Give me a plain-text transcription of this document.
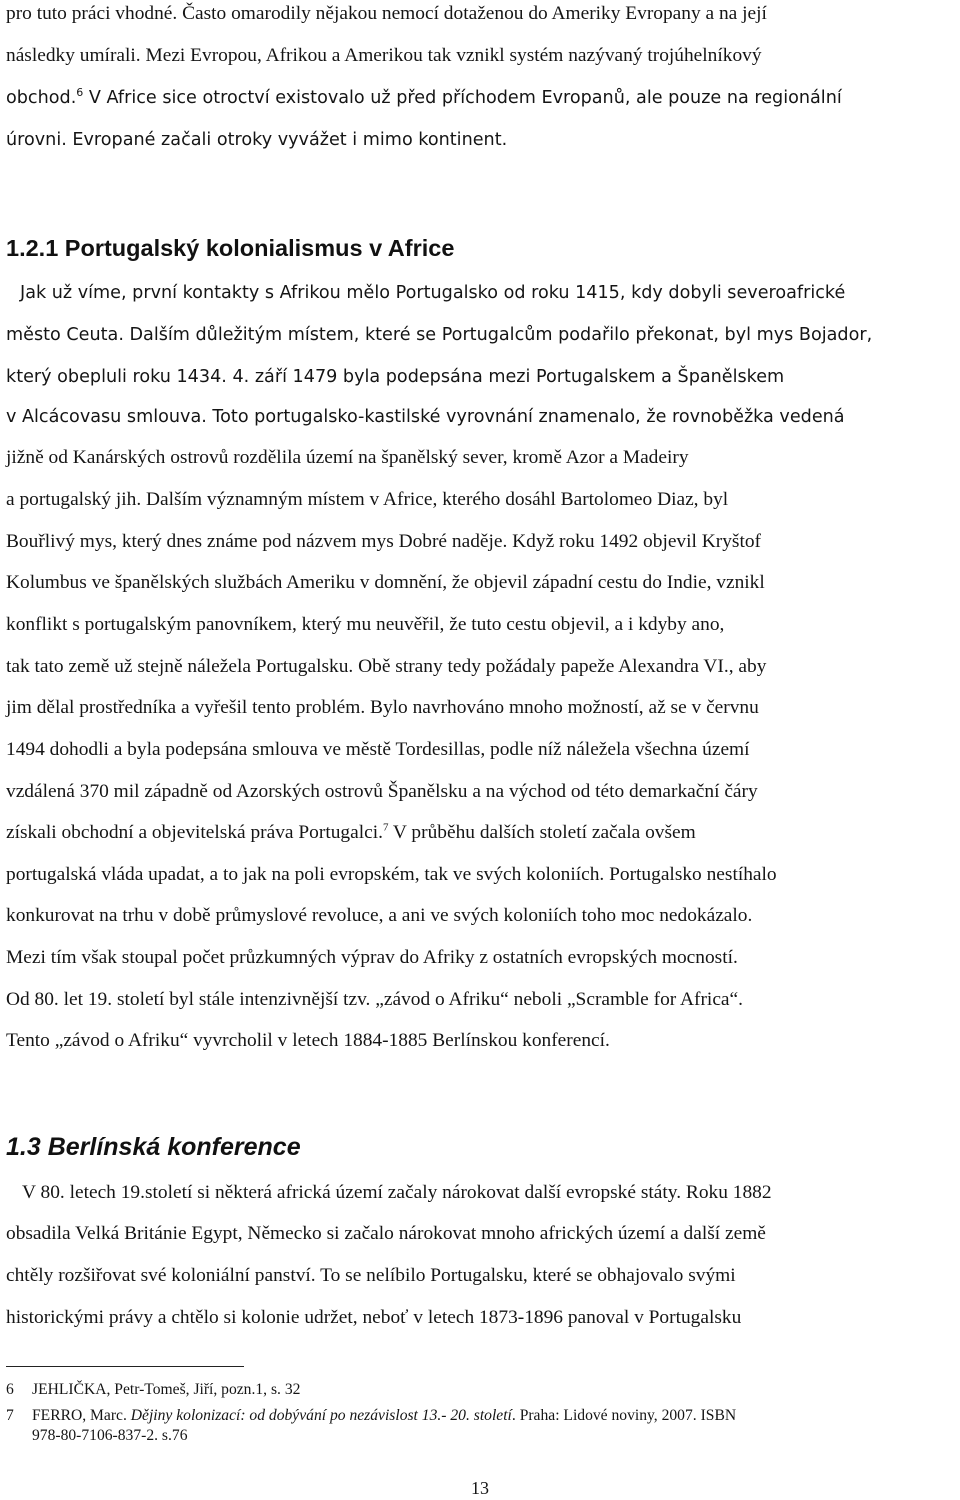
pro tuto práci vhodné. Často omarodily nějakou nemocí dotaženou do Ameriky Evropany a na její
následky umírali. Mezi Evropou, Afrikou a Amerikou tak vznikl systém nazývaný trojúhelníkový
obchod.$^6$ V Africe sice otroctví existovalo už před příchodem Evropanů, ale pouze na regionální
úrovni. Evropané začali otroky vyvážet i mimo kontinent.
1.2.1 Portugalský kolonialismus v Africe
Jak už víme, první kontakty s Afrikou mělo Portugalsko od roku 1415, kdy dobyli severoafrické
město Ceuta. Dalším důležitým místem, které se Portugalcům podařilo překonat, byl mys Bojador,
který obepluli roku 1434. 4. září 1479 byla podepsána mezi Portugalskem a Španělskem
v Alcácovasu smlouva. Toto portugalsko-kastilské vyrovnání znamenalo, že rovnoběžka vedená
jižně od Kanárských ostrovů rozdělila území na španělský sever, kromě Azor a Madeiry
a portugalský jih. Dalším významným místem v Africe, kterého dosáhl Bartolomeo Diaz, byl
Bouřlivý mys, který dnes známe pod názvem mys Dobré naděje. Když roku 1492 objevil Kryštof
Kolumbus ve španělských službách Ameriku v domnění, že objevil západní cestu do Indie, vznikl
konflikt s portugalským panovníkem, který mu neuvěřil, že tuto cestu objevil, a i kdyby ano,
tak tato země už stejně náležela Portugalsku. Obě strany tedy požádaly papeže Alexandra VI., aby
jim dělal prostředníka a vyřešil tento problém. Bylo navrhováno mnoho možností, až se v červnu
1494 dohodli a byla podepsána smlouva ve městě Tordesillas, podle níž náležela všechna území
vzdálená 370 mil západně od Azorských ostrovů Španělsku a na východ od této demarkační čáry
získali obchodní a objevitelská práva Portugalci.$^7$ V průběhu dalších století začala ovšem
portugalská vláda upadat, a to jak na poli evropském, tak ve svých koloniích. Portugalsko nestíhalo
konkurovat na trhu v době průmyslové revoluce, a ani ve svých koloniích toho moc nedokázalo.
Mezi tím však stoupal počet průzkumných výprav do Afriky z ostatních evropských mocností.
Od 80. let 19. století byl stále intenzivnější tzv. „závod o Afriku“ neboli „Scramble for Africa“.
Tento „závod o Afriku“ vyvrcholil v letech 1884-1885 Berlínskou konferencí.
1.3 Berlínská konference
V 80. letech 19.století si některá africká území začaly nárokovat další evropské státy. Roku 1882
obsadila Velká Británie Egypt, Německo si začalo nárokovat mnoho afrických území a další země
chtěly rozšiřovat své koloniální panství. To se nelíbilo Portugalsku, které se obhajovalo svými
historickými právy a chtělo si kolonie udržet, neboť v letech 1873-1896 panoval v Portugalsku
6 JEHLIČKA, Petr-Tomeš, Jiří, pozn.1, s. 32
7 FERRO, Marc. Dějiny kolonizací: od dobývání po nezávislost 13.- 20. století. Praha: Lidové noviny, 2007. ISBN
978-80-7106-837-2. s.76
13
